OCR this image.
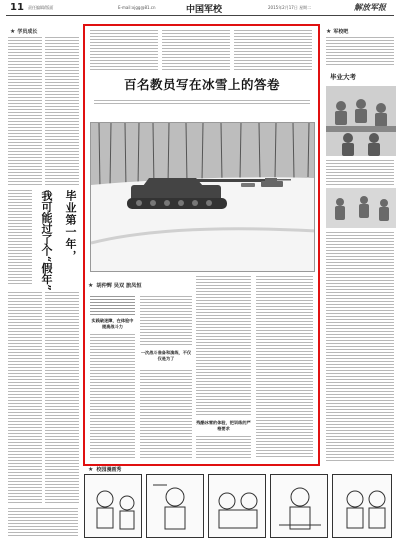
11 责任编辑/版面	E-mail:xjgg@81.cn	中国军校	2015年2月17日 星期二	解放军报
★ 学员成长
毕业第一年，
我可能过了个“假年”
百名教员写在冰雪上的答卷
★ 胡仲辉 吴双 旅凤恒
实践破迷障，在体验中提高战斗力
一次战斗准备和演练，不仅仅是为了
残酷冰雪的体验，把训练的严格要求
★ 军校吧
毕业大考
★ 校园漫画秀
